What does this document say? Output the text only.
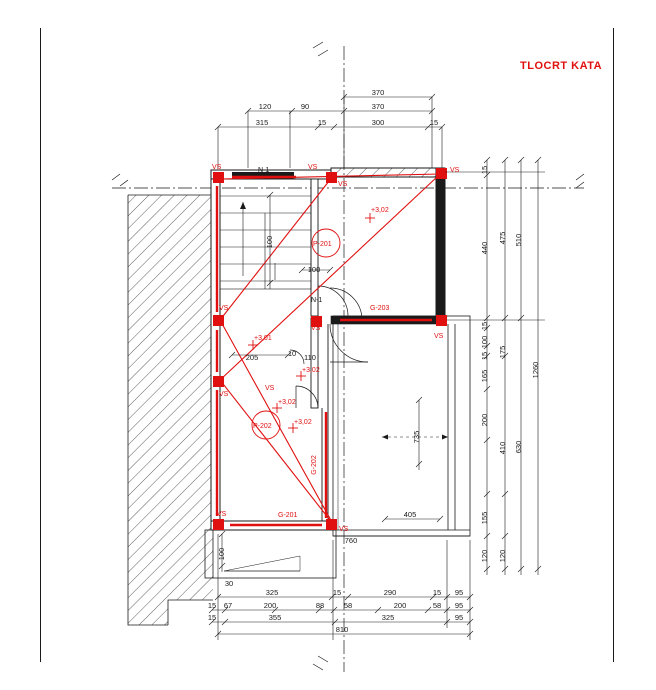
TLOCRT KATA
370
120	90	370
315	15	300	15
325	15	290	15 95
15 67	200	88	58	200	58 95
15	355	325	95
810
15
440
15
100
15
165
200
155
120
475
175
410
120
510
630
1260
205	10 110
100
735
405
760
100
30
100
VS	VS	VS
VS
VS
VS
VS
VS
VS
VS
VS
+3,02
+3,01
+3,02
+3,02
+3,02
P-201
P-202
G-203
G-202
G-201
N-1
N-1
